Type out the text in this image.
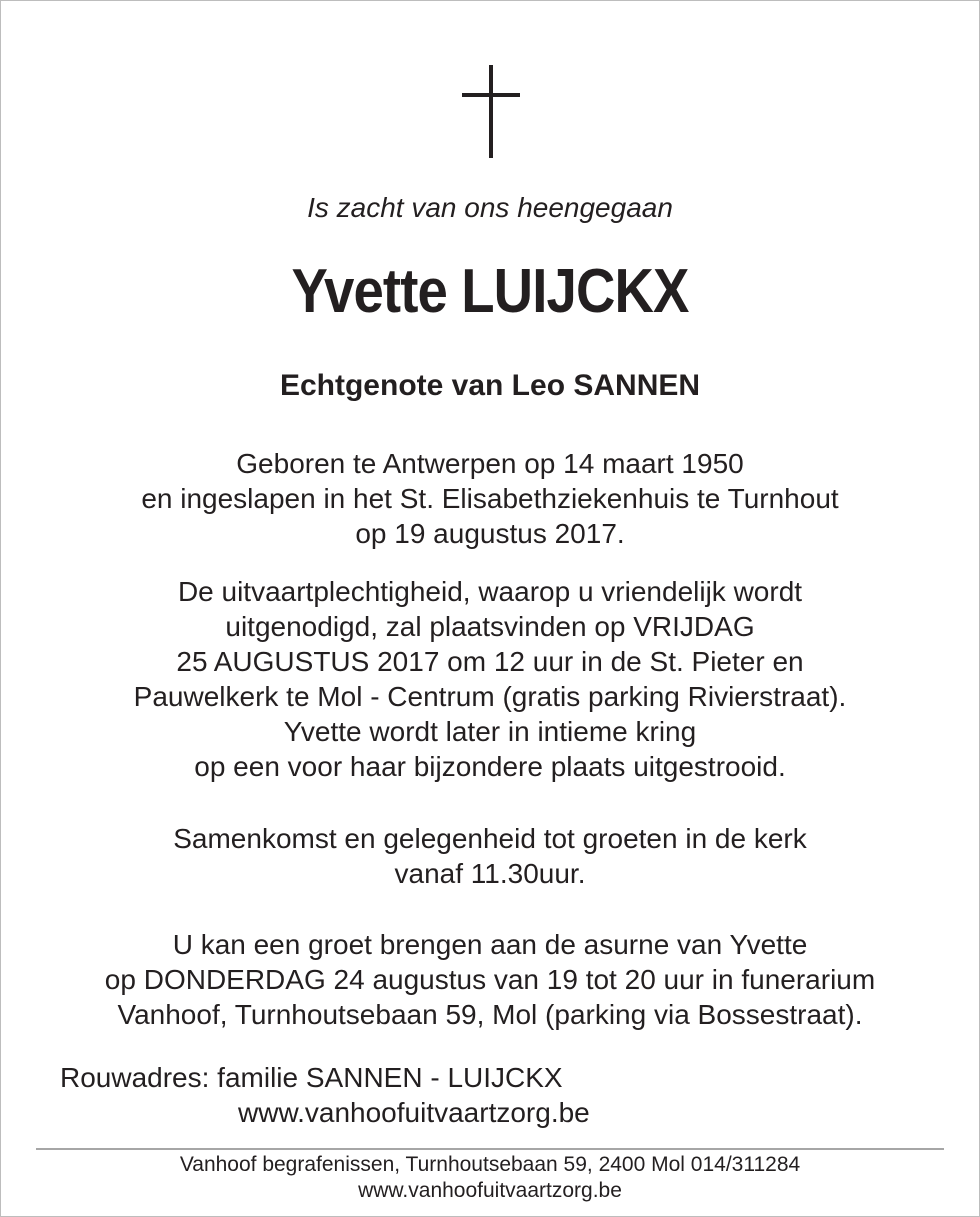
Is zacht van ons heengegaan
Yvette LUIJCKX
Echtgenote van Leo SANNEN
Geboren te Antwerpen op 14 maart 1950
en ingeslapen in het St. Elisabethziekenhuis te Turnhout
op 19 augustus 2017.
De uitvaartplechtigheid, waarop u vriendelijk wordt
uitgenodigd, zal plaatsvinden op VRIJDAG
25 AUGUSTUS 2017 om 12 uur in de St. Pieter en
Pauwelkerk te Mol - Centrum (gratis parking Rivierstraat).
Yvette wordt later in intieme kring
op een voor haar bijzondere plaats uitgestrooid.
Samenkomst en gelegenheid tot groeten in de kerk
vanaf 11.30uur.
U kan een groet brengen aan de asurne van Yvette
op DONDERDAG 24 augustus van 19 tot 20 uur in funerarium
Vanhoof, Turnhoutsebaan 59, Mol (parking via Bossestraat).
Rouwadres: familie SANNEN - LUIJCKX
www.vanhoofuitvaartzorg.be
Vanhoof begrafenissen, Turnhoutsebaan 59, 2400 Mol 014/311284
www.vanhoofuitvaartzorg.be
